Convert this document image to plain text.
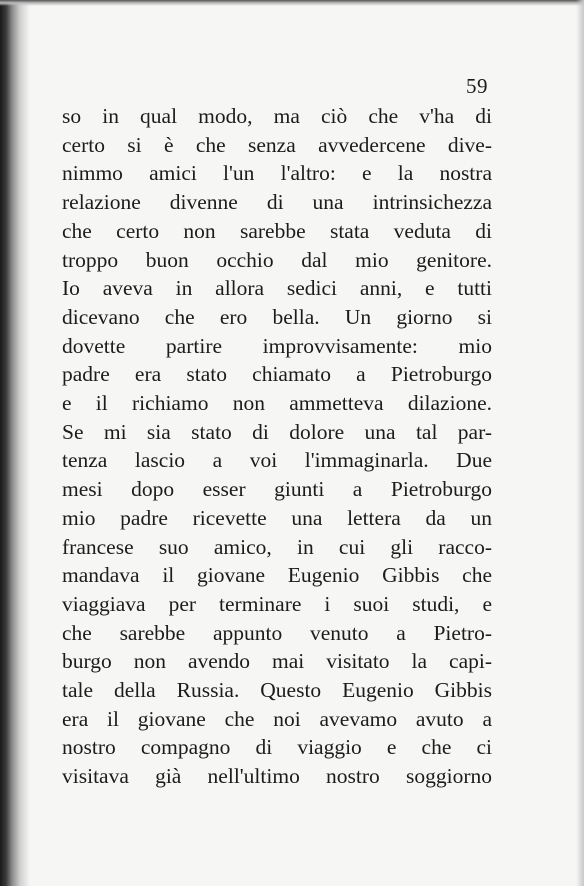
59
so in qual modo, ma ciò che v'ha di
certo si è che senza avvedercene dive-
nimmo amici l'un l'altro: e la nostra
relazione divenne di una intrinsichezza
che certo non sarebbe stata veduta di
troppo buon occhio dal mio genitore.
Io aveva in allora sedici anni, e tutti
dicevano che ero bella. Un giorno si
dovette partire improvvisamente: mio
padre era stato chiamato a Pietroburgo
e il richiamo non ammetteva dilazione.
Se mi sia stato di dolore una tal par-
tenza lascio a voi l'immaginarla. Due
mesi dopo esser giunti a Pietroburgo
mio padre ricevette una lettera da un
francese suo amico, in cui gli racco-
mandava il giovane Eugenio Gibbis che
viaggiava per terminare i suoi studi, e
che sarebbe appunto venuto a Pietro-
burgo non avendo mai visitato la capi-
tale della Russia. Questo Eugenio Gibbis
era il giovane che noi avevamo avuto a
nostro compagno di viaggio e che ci
visitava già nell'ultimo nostro soggiorno
